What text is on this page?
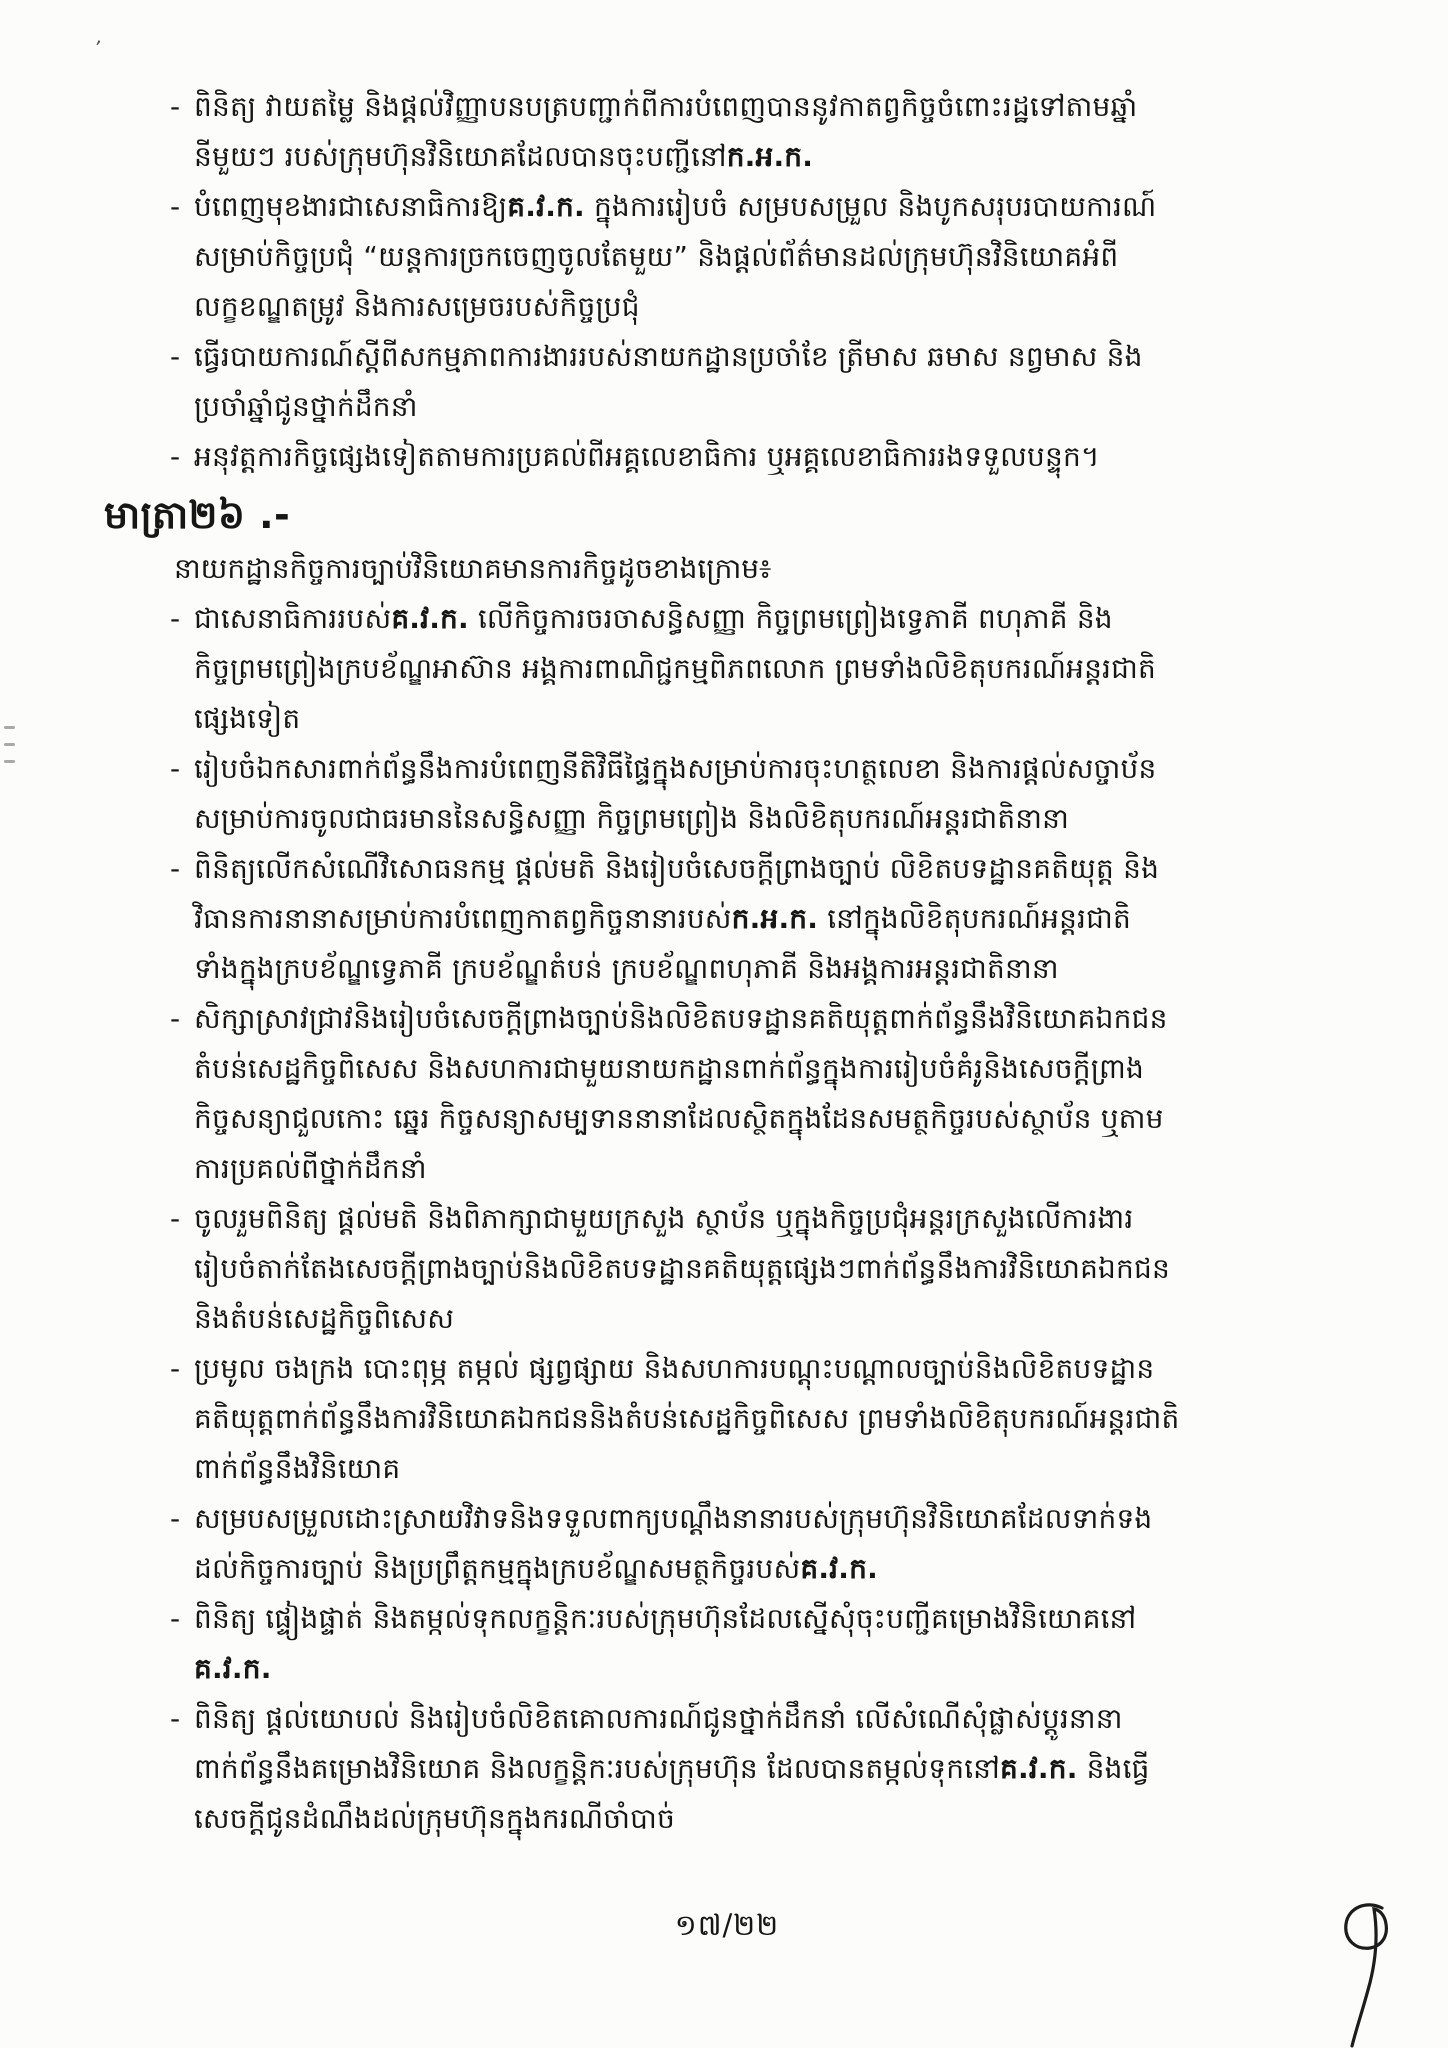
’
- ពិនិត្យ វាយតម្លៃ និងផ្តល់វិញ្ញាបនបត្របញ្ជាក់ពីការបំពេញបាននូវកាតព្វកិច្ចចំពោះរដ្ឋទៅតាមឆ្នាំ
នីមួយៗ របស់ក្រុមហ៊ុនវិនិយោគដែលបានចុះបញ្ជីនៅក.អ.ក.
- បំពេញមុខងារជាសេនាធិការឱ្យគ.វ.ក. ក្នុងការរៀបចំ សម្របសម្រួល និងបូកសរុបរបាយការណ៍
សម្រាប់កិច្ចប្រជុំ “យន្តការច្រកចេញចូលតែមួយ” និងផ្តល់ព័ត៌មានដល់ក្រុមហ៊ុនវិនិយោគអំពី
លក្ខខណ្ឌតម្រូវ និងការសម្រេចរបស់កិច្ចប្រជុំ
- ធ្វើរបាយការណ៍ស្តីពីសកម្មភាពការងាររបស់នាយកដ្ឋានប្រចាំខែ ត្រីមាស ឆមាស នព្វមាស និង
ប្រចាំឆ្នាំជូនថ្នាក់ដឹកនាំ
- អនុវត្តការកិច្ចផ្សេងទៀតតាមការប្រគល់ពីអគ្គលេខាធិការ ឬអគ្គលេខាធិការរងទទួលបន្ទុក។
មាត្រា២៦ .-

នាយកដ្ឋានកិច្ចការច្បាប់វិនិយោគមានការកិច្ចដូចខាងក្រោម៖

- ជាសេនាធិការរបស់គ.វ.ក. លើកិច្ចការចរចាសន្ធិសញ្ញា កិច្ចព្រមព្រៀងទ្វេភាគី ពហុភាគី និង
កិច្ចព្រមព្រៀងក្របខ័ណ្ឌអាស៊ាន អង្គការពាណិជ្ជកម្មពិភពលោក ព្រមទាំងលិខិតុបករណ៍អន្តរជាតិ
ផ្សេងទៀត
- រៀបចំឯកសារពាក់ព័ន្ធនឹងការបំពេញនីតិវិធីផ្ទៃក្នុងសម្រាប់ការចុះហត្ថលេខា និងការផ្តល់សច្ចាប័ន
សម្រាប់ការចូលជាធរមាននៃសន្ធិសញ្ញា កិច្ចព្រមព្រៀង និងលិខិតុបករណ៍អន្តរជាតិនានា
- ពិនិត្យលើកសំណើវិសោធនកម្ម ផ្តល់មតិ និងរៀបចំសេចក្តីព្រាងច្បាប់ លិខិតបទដ្ឋានគតិយុត្ត និង
វិធានការនានាសម្រាប់ការបំពេញកាតព្វកិច្ចនានារបស់ក.អ.ក. នៅក្នុងលិខិតុបករណ៍អន្តរជាតិ
ទាំងក្នុងក្របខ័ណ្ឌទ្វេភាគី ក្របខ័ណ្ឌតំបន់ ក្របខ័ណ្ឌពហុភាគី និងអង្គការអន្តរជាតិនានា
- សិក្សាស្រាវជ្រាវនិងរៀបចំសេចក្តីព្រាងច្បាប់និងលិខិតបទដ្ឋានគតិយុត្តពាក់ព័ន្ធនឹងវិនិយោគឯកជន
តំបន់សេដ្ឋកិច្ចពិសេស និងសហការជាមួយនាយកដ្ឋានពាក់ព័ន្ធក្នុងការរៀបចំគំរូនិងសេចក្តីព្រាង
កិច្ចសន្យាជួលកោះ ឆ្នេរ កិច្ចសន្យាសម្បទាននានាដែលស្ថិតក្នុងដែនសមត្ថកិច្ចរបស់ស្ថាប័ន ឬតាម
ការប្រគល់ពីថ្នាក់ដឹកនាំ
- ចូលរួមពិនិត្យ ផ្តល់មតិ និងពិភាក្សាជាមួយក្រសួង ស្ថាប័ន ឬក្នុងកិច្ចប្រជុំអន្តរក្រសួងលើការងារ
រៀបចំតាក់តែងសេចក្តីព្រាងច្បាប់និងលិខិតបទដ្ឋានគតិយុត្តផ្សេងៗពាក់ព័ន្ធនឹងការវិនិយោគឯកជន
និងតំបន់សេដ្ឋកិច្ចពិសេស
- ប្រមូល ចងក្រង បោះពុម្ភ តម្កល់ ផ្សព្វផ្សាយ និងសហការបណ្តុះបណ្តាលច្បាប់និងលិខិតបទដ្ឋាន
គតិយុត្តពាក់ព័ន្ធនឹងការវិនិយោគឯកជននិងតំបន់សេដ្ឋកិច្ចពិសេស ព្រមទាំងលិខិតុបករណ៍អន្តរជាតិ
ពាក់ព័ន្ធនឹងវិនិយោគ
- សម្របសម្រួលដោះស្រាយវិវាទនិងទទួលពាក្យបណ្តឹងនានារបស់ក្រុមហ៊ុនវិនិយោគដែលទាក់ទង
ដល់កិច្ចការច្បាប់ និងប្រព្រឹត្តកម្មក្នុងក្របខ័ណ្ឌសមត្ថកិច្ចរបស់គ.វ.ក.
- ពិនិត្យ ផ្ទៀងផ្ទាត់ និងតម្កល់ទុកលក្ខន្តិកៈរបស់ក្រុមហ៊ុនដែលស្នើសុំចុះបញ្ជីគម្រោងវិនិយោគនៅ
គ.វ.ក.
- ពិនិត្យ ផ្តល់យោបល់ និងរៀបចំលិខិតគោលការណ៍ជូនថ្នាក់ដឹកនាំ លើសំណើសុំផ្លាស់ប្តូរនានា
ពាក់ព័ន្ធនឹងគម្រោងវិនិយោគ និងលក្ខន្តិកៈរបស់ក្រុមហ៊ុន ដែលបានតម្កល់ទុកនៅគ.វ.ក. និងធ្វើ
សេចក្តីជូនដំណឹងដល់ក្រុមហ៊ុនក្នុងករណីចាំបាច់
១៧/២២
